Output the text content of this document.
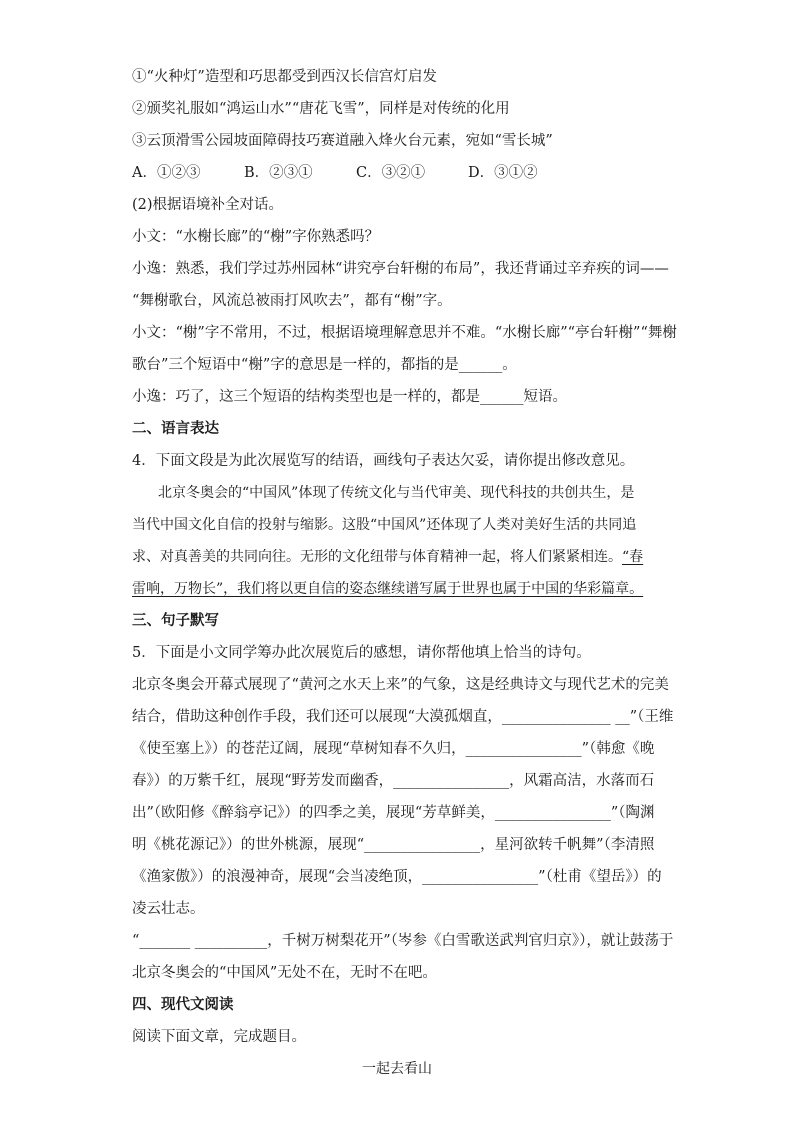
①“火种灯”造型和巧思都受到西汉长信宫灯启发
②颁奖礼服如“鸿运山水”“唐花飞雪”，同样是对传统的化用
③云顶滑雪公园坡面障碍技巧赛道融入烽火台元素，宛如“雪长城”
A．①②③	B．②③①	C．③②①	D．③①②
(2)根据语境补全对话。
小文：“水榭长廊”的“榭”字你熟悉吗？
小逸：熟悉，我们学过苏州园林“讲究亭台轩榭的布局”，我还背诵过辛弃疾的词——
“舞榭歌台，风流总被雨打风吹去”，都有“榭”字。
小文：“榭”字不常用，不过，根据语境理解意思并不难。“水榭长廊”“亭台轩榭”“舞榭
歌台”三个短语中“榭”字的意思是一样的，都指的是______。
小逸：巧了，这三个短语的结构类型也是一样的，都是______短语。
二、语言表达
4．下面文段是为此次展览写的结语，画线句子表达欠妥，请你提出修改意见。
北京冬奥会的“中国风”体现了传统文化与当代审美、现代科技的共创共生，是
当代中国文化自信的投射与缩影。这股“中国风”还体现了人类对美好生活的共同追
求、对真善美的共同向往。无形的文化纽带与体育精神一起，将人们紧紧相连。“春
雷响，万物长”，我们将以更自信的姿态继续谱写属于世界也属于中国的华彩篇章。
三、句子默写
5．下面是小文同学筹办此次展览后的感想，请你帮他填上恰当的诗句。
北京冬奥会开幕式展现了“黄河之水天上来”的气象，这是经典诗文与现代艺术的完美
结合，借助这种创作手段，我们还可以展现“大漠孤烟直，_______________ __”（王维
《使至塞上》）的苍茫辽阔，展现“草树知春不久归，________________”（韩愈《晚
春》）的万紫千红，展现“野芳发而幽香，________________，风霜高洁，水落而石
出”（欧阳修《醉翁亭记》）的四季之美，展现“芳草鲜美，________________”（陶渊
明《桃花源记》）的世外桃源，展现“________________，星河欲转千帆舞”（李清照
《渔家傲》）的浪漫神奇，展现“会当凌绝顶，________________”（杜甫《望岳》）的
凌云壮志。
“_______ __________，千树万树梨花开”（岑参《白雪歌送武判官归京》），就让鼓荡于
北京冬奥会的“中国风”无处不在，无时不在吧。
四、现代文阅读
阅读下面文章，完成题目。
一起去看山
